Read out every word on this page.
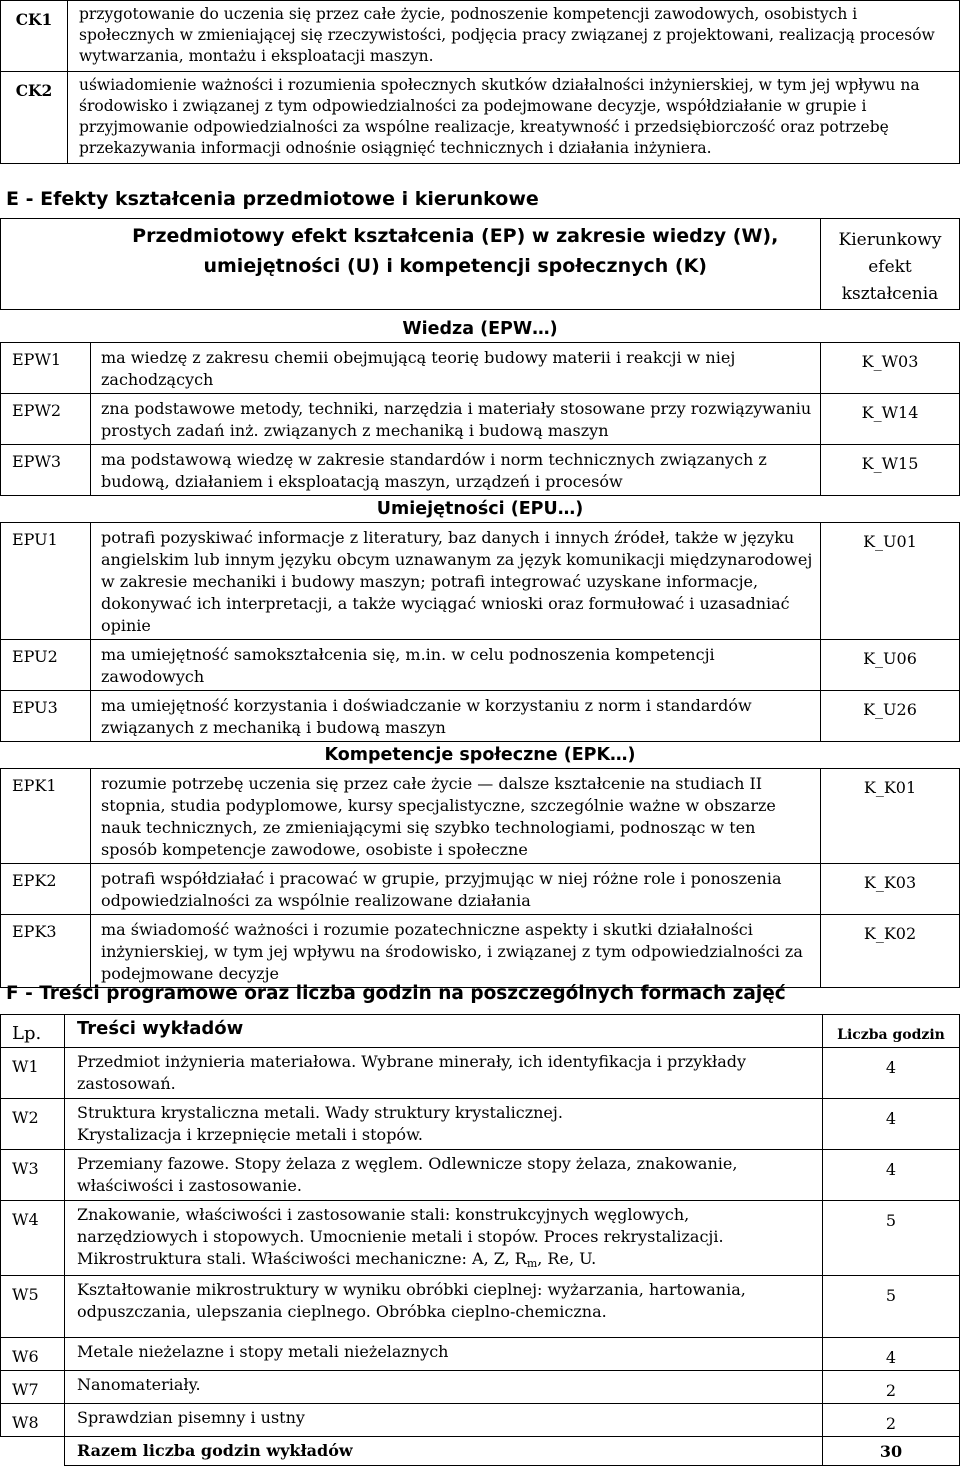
CK1	przygotowanie do uczenia się przez całe życie, podnoszenie kompetencji zawodowych, osobistych i społecznych w zmieniającej się rzeczywistości, podjęcia pracy związanej z projektowani, realizacją procesów wytwarzania, montażu i eksploatacji maszyn.
CK2	uświadomienie ważności i rozumienia społecznych skutków działalności inżynierskiej, w tym jej wpływu na środowisko i związanej z tym odpowiedzialności za podejmowane decyzje, współdziałanie w grupie i przyjmowanie odpowiedzialności za wspólne realizacje, kreatywność i przedsiębiorczość oraz potrzebę przekazywania informacji odnośnie osiągnięć technicznych i działania inżyniera.
E - Efekty kształcenia przedmiotowe i kierunkowe
	Przedmiotowy efekt kształcenia (EP) w zakresie wiedzy (W), umiejętności (U) i kompetencji społecznych (K)	Kierunkowy efekt kształcenia
Wiedza (EPW…)		
EPW1	ma wiedzę z zakresu chemii obejmującą teorię budowy materii i reakcji w niej zachodzących	K_W03
EPW2	zna podstawowe metody, techniki, narzędzia i materiały stosowane przy rozwiązywaniu prostych zadań inż. związanych z mechaniką i budową maszyn	K_W14
EPW3	ma podstawową wiedzę w zakresie standardów i norm technicznych związanych z budową, działaniem i eksploatacją maszyn, urządzeń i procesów	K_W15
Umiejętności (EPU…)		
EPU1	potrafi pozyskiwać informacje z literatury, baz danych i innych źródeł, także w języku angielskim lub innym języku obcym uznawanym za język komunikacji międzynarodowej w zakresie mechaniki i budowy maszyn; potrafi integrować uzyskane informacje, dokonywać ich interpretacji, a także wyciągać wnioski oraz formułować i uzasadniać opinie	K_U01
EPU2	ma umiejętność samokształcenia się, m.in. w celu podnoszenia kompetencji zawodowych	K_U06
EPU3	ma umiejętność korzystania i doświadczanie w korzystaniu z norm i standardów związanych z mechaniką i budową maszyn	K_U26
Kompetencje społeczne (EPK…)		
EPK1	rozumie potrzebę uczenia się przez całe życie — dalsze kształcenie na studiach II stopnia, studia podyplomowe, kursy specjalistyczne, szczególnie ważne w obszarze nauk technicznych, ze zmieniającymi się szybko technologiami, podnosząc w ten sposób kompetencje zawodowe, osobiste i społeczne	K_K01
EPK2	potrafi współdziałać i pracować w grupie, przyjmując w niej różne role i ponoszenia odpowiedzialności za wspólnie realizowane działania	K_K03
EPK3	ma świadomość ważności i rozumie pozatechniczne aspekty i skutki działalności inżynierskiej, w tym jej wpływu na środowisko, i związanej z tym odpowiedzialności za podejmowane decyzje	K_K02
F - Treści programowe oraz liczba godzin na poszczególnych formach zajęć
Lp.	Treści wykładów	Liczba godzin
W1	Przedmiot inżynieria materiałowa. Wybrane minerały, ich identyfikacja i przykłady zastosowań.	4
W2	Struktura krystaliczna metali. Wady struktury krystalicznej.
Krystalizacja i krzepnięcie metali i stopów.	4
W3	Przemiany fazowe. Stopy żelaza z węglem. Odlewnicze stopy żelaza, znakowanie, właściwości i zastosowanie.	4
W4	Znakowanie, właściwości i zastosowanie stali: konstrukcyjnych węglowych, narzędziowych i stopowych. Umocnienie metali i stopów. Proces rekrystalizacji.
Mikrostruktura stali. Właściwości mechaniczne: A, Z, $R_m$, Re, U.	5
W5	Kształtowanie mikrostruktury w wyniku obróbki cieplnej: wyżarzania, hartowania, odpuszczania, ulepszania cieplnego. Obróbka cieplno-chemiczna.	5
W6	Metale nieżelazne i stopy metali nieżelaznych	4
W7	Nanomateriały.	2
W8	Sprawdzian pisemny i ustny	2
	Razem liczba godzin wykładów	30
